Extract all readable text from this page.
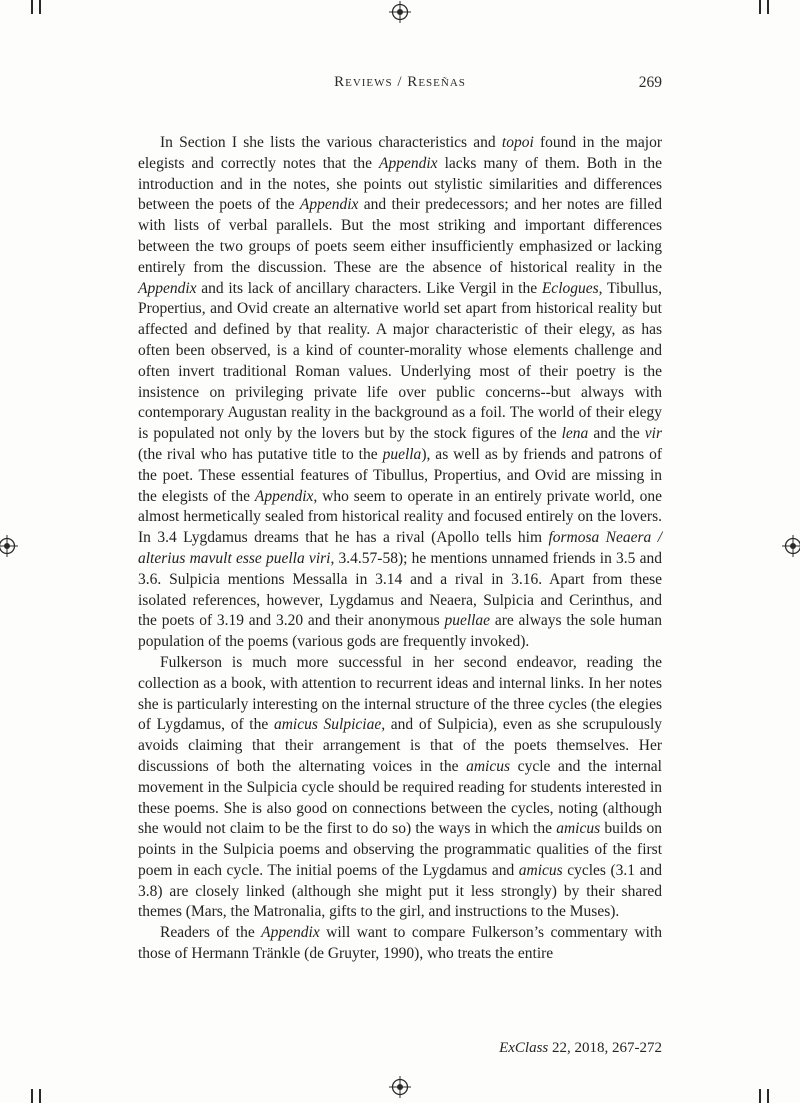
Reviews / Reseñas	269

In Section I she lists the various characteristics and topoi found in the major elegists and correctly notes that the Appendix lacks many of them. Both in the introduction and in the notes, she points out stylistic similarities and differences between the poets of the Appendix and their predecessors; and her notes are filled with lists of verbal parallels. But the most striking and important differences between the two groups of poets seem either insufficiently emphasized or lacking entirely from the discussion. These are the absence of historical reality in the Appendix and its lack of ancillary characters. Like Vergil in the Eclogues, Tibullus, Propertius, and Ovid create an alternative world set apart from historical reality but affected and defined by that reality. A major characteristic of their elegy, as has often been observed, is a kind of counter-morality whose elements challenge and often invert traditional Roman values. Underlying most of their poetry is the insistence on privileging private life over public concerns--but always with contemporary Augustan reality in the background as a foil. The world of their elegy is populated not only by the lovers but by the stock figures of the lena and the vir (the rival who has putative title to the puella), as well as by friends and patrons of the poet. These essential features of Tibullus, Propertius, and Ovid are missing in the elegists of the Appendix, who seem to operate in an entirely private world, one almost hermetically sealed from historical reality and focused entirely on the lovers. In 3.4 Lygdamus dreams that he has a rival (Apollo tells him formosa Neaera / alterius mavult esse puella viri, 3.4.57-58); he mentions unnamed friends in 3.5 and 3.6. Sulpicia mentions Messalla in 3.14 and a rival in 3.16. Apart from these isolated references, however, Lygdamus and Neaera, Sulpicia and Cerinthus, and the poets of 3.19 and 3.20 and their anonymous puellae are always the sole human population of the poems (various gods are frequently invoked).

Fulkerson is much more successful in her second endeavor, reading the collection as a book, with attention to recurrent ideas and internal links. In her notes she is particularly interesting on the internal structure of the three cycles (the elegies of Lygdamus, of the amicus Sulpiciae, and of Sulpicia), even as she scrupulously avoids claiming that their arrangement is that of the poets themselves. Her discussions of both the alternating voices in the amicus cycle and the internal movement in the Sulpicia cycle should be required reading for students interested in these poems. She is also good on connections between the cycles, noting (although she would not claim to be the first to do so) the ways in which the amicus builds on points in the Sulpicia poems and observing the programmatic qualities of the first poem in each cycle. The initial poems of the Lygdamus and amicus cycles (3.1 and 3.8) are closely linked (although she might put it less strongly) by their shared themes (Mars, the Matronalia, gifts to the girl, and instructions to the Muses).

Readers of the Appendix will want to compare Fulkerson’s commentary with those of Hermann Tränkle (de Gruyter, 1990), who treats the entire

ExClass 22, 2018, 267-272
